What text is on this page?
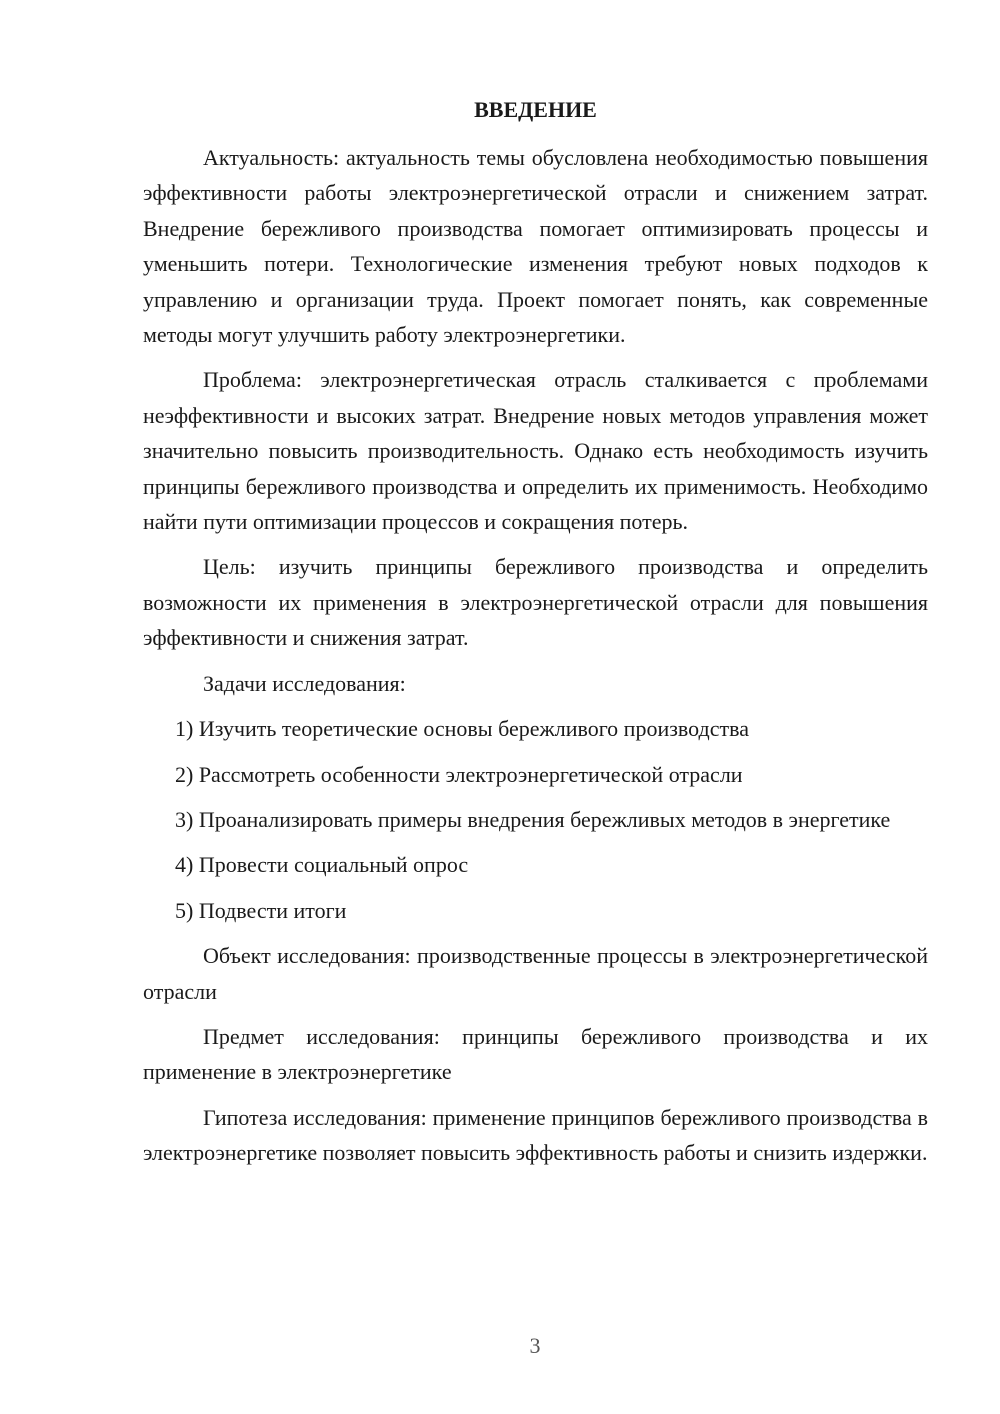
ВВЕДЕНИЕ

Актуальность: актуальность темы обусловлена необходимостью повышения эффективности работы электроэнергетической отрасли и снижением затрат. Внедрение бережливого производства помогает оптимизировать процессы и уменьшить потери. Технологические изменения требуют новых подходов к управлению и организации труда. Проект помогает понять, как современные методы могут улучшить работу электроэнергетики.

Проблема: электроэнергетическая отрасль сталкивается с проблемами неэффективности и высоких затрат. Внедрение новых методов управления может значительно повысить производительность. Однако есть необходимость изучить принципы бережливого производства и определить их применимость. Необходимо найти пути оптимизации процессов и сокращения потерь.

Цель: изучить принципы бережливого производства и определить возможности их применения в электроэнергетической отрасли для повышения эффективности и снижения затрат.

Задачи исследования:

1) Изучить теоретические основы бережливого производства

2) Рассмотреть особенности электроэнергетической отрасли

3) Проанализировать примеры внедрения бережливых методов в энергетике

4) Провести социальный опрос

5) Подвести итоги

Объект исследования: производственные процессы в электроэнергетической отрасли

Предмет исследования: принципы бережливого производства и их применение в электроэнергетике

Гипотеза исследования: применение принципов бережливого производства в электроэнергетике позволяет повысить эффективность работы и снизить издержки.

3
